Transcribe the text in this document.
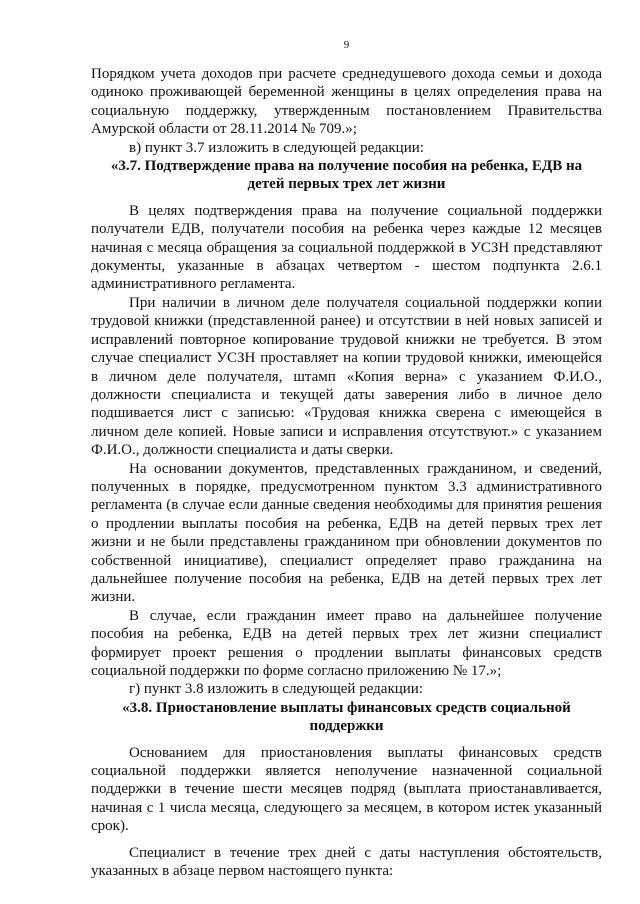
9

Порядком учета доходов при расчете среднедушевого дохода семьи и дохода одиноко проживающей беременной женщины в целях определения права на социальную поддержку, утвержденным постановлением Правительства Амурской области от 28.11.2014 № 709.»;

в) пункт 3.7 изложить в следующей редакции:

«3.7. Подтверждение права на получение пособия на ребенка, ЕДВ на детей первых трех лет жизни

В целях подтверждения права на получение социальной поддержки получатели ЕДВ, получатели пособия на ребенка через каждые 12 месяцев начиная с месяца обращения за социальной поддержкой в УСЗН представляют документы, указанные в абзацах четвертом - шестом подпункта 2.6.1 административного регламента.

При наличии в личном деле получателя социальной поддержки копии трудовой книжки (представленной ранее) и отсутствии в ней новых записей и исправлений повторное копирование трудовой книжки не требуется. В этом случае специалист УСЗН проставляет на копии трудовой книжки, имеющейся в личном деле получателя, штамп «Копия верна» с указанием Ф.И.О., должности специалиста и текущей даты заверения либо в личное дело подшивается лист с записью: «Трудовая книжка сверена с имеющейся в личном деле копией. Новые записи и исправления отсутствуют.» с указанием Ф.И.О., должности специалиста и даты сверки.

На основании документов, представленных гражданином, и сведений, полученных в порядке, предусмотренном пунктом 3.3 административного регламента (в случае если данные сведения необходимы для принятия решения о продлении выплаты пособия на ребенка, ЕДВ на детей первых трех лет жизни и не были представлены гражданином при обновлении документов по собственной инициативе), специалист определяет право гражданина на дальнейшее получение пособия на ребенка, ЕДВ на детей первых трех лет жизни.

В случае, если гражданин имеет право на дальнейшее получение пособия на ребенка, ЕДВ на детей первых трех лет жизни специалист формирует проект решения о продлении выплаты финансовых средств социальной поддержки по форме согласно приложению № 17.»;

г) пункт 3.8 изложить в следующей редакции:

«3.8. Приостановление выплаты финансовых средств социальной поддержки

Основанием для приостановления выплаты финансовых средств социальной поддержки является неполучение назначенной социальной поддержки в течение шести месяцев подряд (выплата приостанавливается, начиная с 1 числа месяца, следующего за месяцем, в котором истек указанный срок).

Специалист в течение трех дней с даты наступления обстоятельств, указанных в абзаце первом настоящего пункта:
